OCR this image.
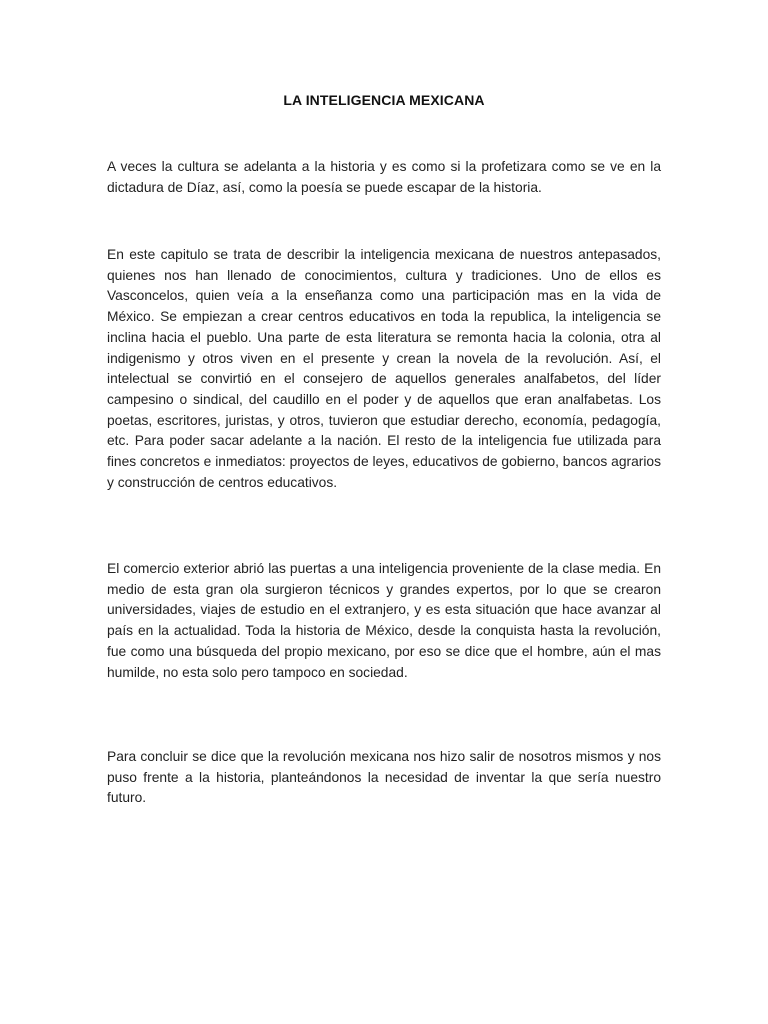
LA INTELIGENCIA MEXICANA

A veces la cultura se adelanta a la historia y es como si la profetizara como se ve en la dictadura de Díaz, así, como la poesía se puede escapar de la historia.

En este capitulo se trata de describir la inteligencia mexicana de nuestros antepasados, quienes nos han llenado de conocimientos, cultura y tradiciones. Uno de ellos es Vasconcelos, quien veía a la enseñanza como una participación mas en la vida de México. Se empiezan a crear centros educativos en toda la republica, la inteligencia se inclina hacia el pueblo. Una parte de esta literatura se remonta hacia la colonia, otra al indigenismo y otros viven en el presente y crean la novela de la revolución. Así, el intelectual se convirtió en el consejero de aquellos generales analfabetos, del líder campesino o sindical, del caudillo en el poder y de aquellos que eran analfabetas. Los poetas, escritores, juristas, y otros, tuvieron que estudiar derecho, economía, pedagogía, etc. Para poder sacar adelante a la nación. El resto de la inteligencia fue utilizada para fines concretos e inmediatos: proyectos de leyes, educativos de gobierno, bancos agrarios y construcción de centros educativos.

El comercio exterior abrió las puertas a una inteligencia proveniente de la clase media. En medio de esta gran ola surgieron técnicos y grandes expertos, por lo que se crearon universidades, viajes de estudio en el extranjero, y es esta situación que hace avanzar al país en la actualidad. Toda la historia de México, desde la conquista hasta la revolución, fue como una búsqueda del propio mexicano, por eso se dice que el hombre, aún el mas humilde, no esta solo pero tampoco en sociedad.

Para concluir se dice que la revolución mexicana nos hizo salir de nosotros mismos y nos puso frente a la historia, planteándonos la necesidad de inventar la que sería nuestro futuro.
